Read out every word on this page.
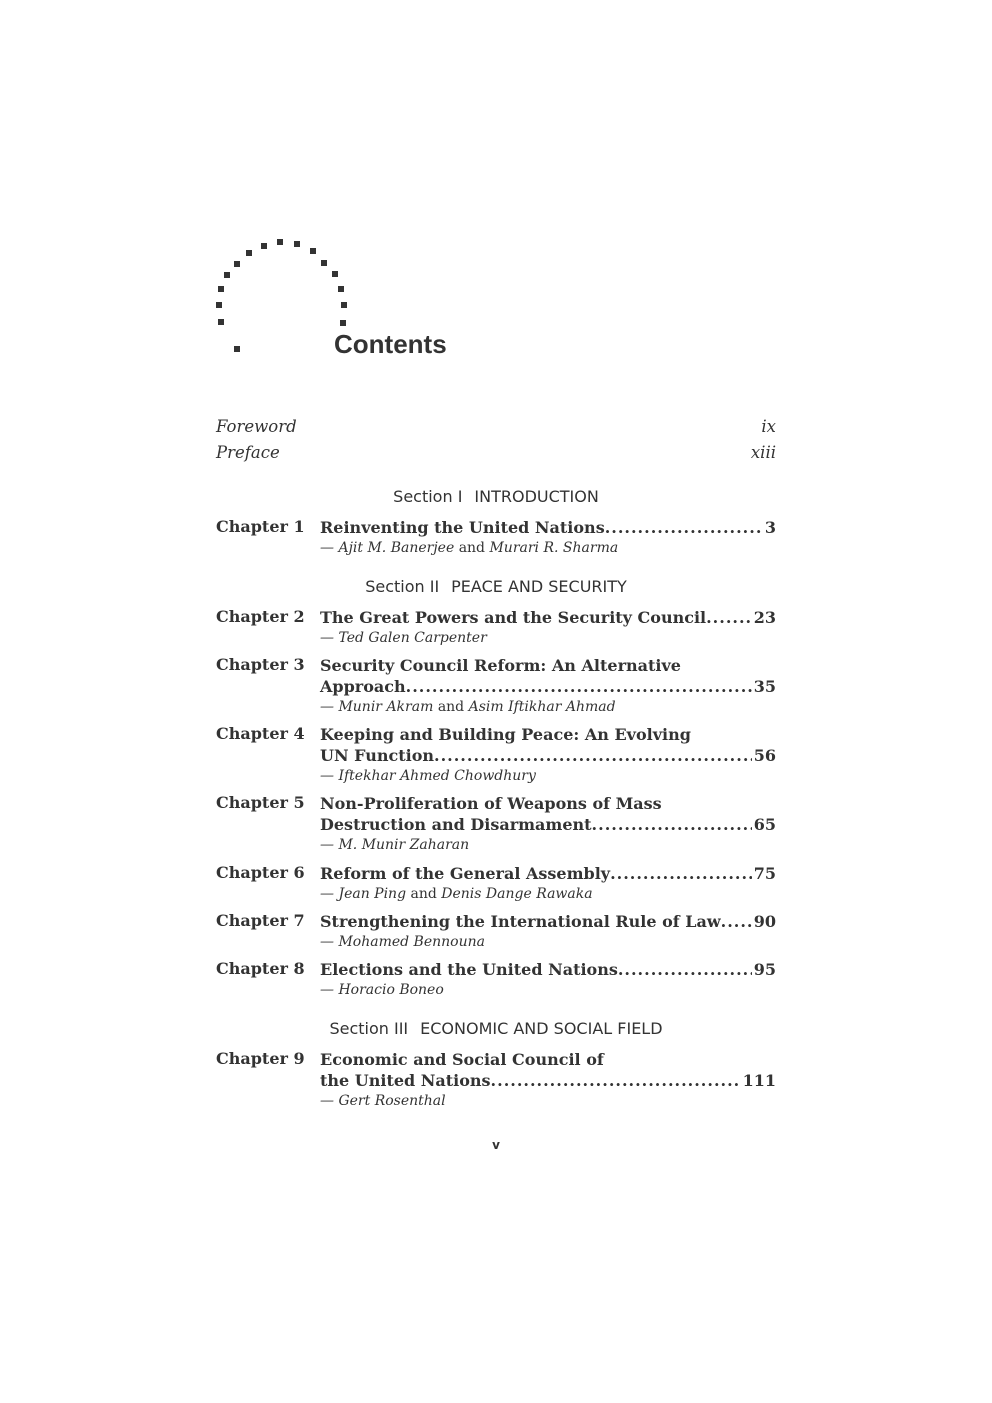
Contents
Foreword	ix
Preface	xiii
Section I INTRODUCTION
Chapter 1 Reinventing the United Nations .....	3
— Ajit M. Banerjee and Murari R. Sharma
Section II PEACE AND SECURITY
Chapter 2 The Great Powers and the Security Council .....	23
— Ted Galen Carpenter
Chapter 3 Security Council Reform: An Alternative
Approach .....	35
— Munir Akram and Asim Iftikhar Ahmad
Chapter 4 Keeping and Building Peace: An Evolving
UN Function .....	56
— Iftekhar Ahmed Chowdhury
Chapter 5 Non-Proliferation of Weapons of Mass
Destruction and Disarmament .....	65
— M. Munir Zaharan
Chapter 6 Reform of the General Assembly .....	75
— Jean Ping and Denis Dange Rawaka
Chapter 7 Strengthening the International Rule of Law ..... 90
— Mohamed Bennouna
Chapter 8 Elections and the United Nations .....	95
— Horacio Boneo
Section III ECONOMIC AND SOCIAL FIELD
Chapter 9 Economic and Social Council of
the United Nations .....	111
— Gert Rosenthal
v
